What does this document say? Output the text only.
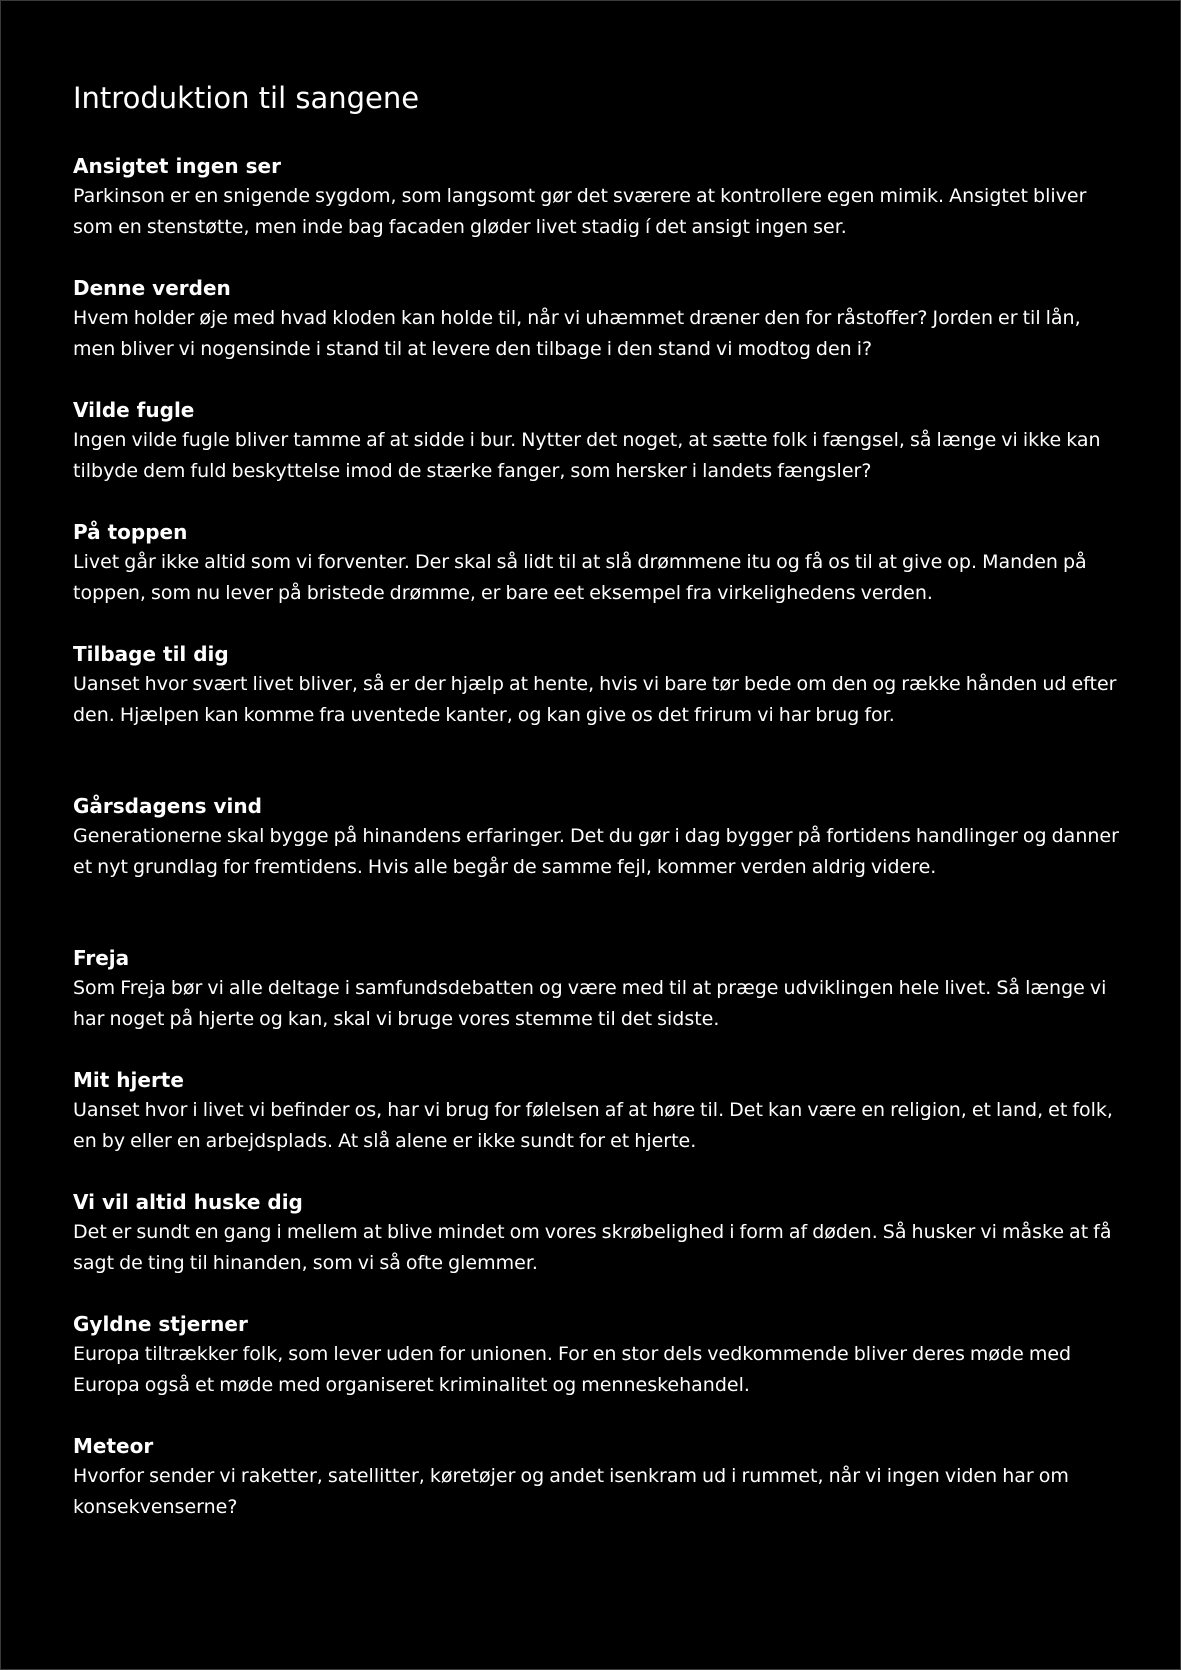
Introduktion til sangene
Ansigtet ingen ser
Parkinson er en snigende sygdom, som langsomt gør det sværere at kontrollere egen mimik. Ansigtet bliver som en stenstøtte, men inde bag facaden gløder livet stadig í det ansigt ingen ser.
Denne verden
Hvem holder øje med hvad kloden kan holde til, når vi uhæmmet dræner den for råstoffer? Jorden er til lån, men bliver vi nogensinde i stand til at levere den tilbage i den stand vi modtog den i?
Vilde fugle
Ingen vilde fugle bliver tamme af at sidde i bur. Nytter det noget, at sætte folk i fængsel, så længe vi ikke kan tilbyde dem fuld beskyttelse imod de stærke fanger, som hersker i landets fængsler?
På toppen
Livet går ikke altid som vi forventer. Der skal så lidt til at slå drømmene itu og få os til at give op. Manden på toppen, som nu lever på bristede drømme, er bare eet eksempel fra virkelighedens verden.
Tilbage til dig
Uanset hvor svært livet bliver, så er der hjælp at hente, hvis vi bare tør bede om den og række hånden ud efter den. Hjælpen kan komme fra uventede kanter, og kan give os det frirum vi har brug for.
Gårsdagens vind
Generationerne skal bygge på hinandens erfaringer. Det du gør i dag bygger på fortidens handlinger og danner et nyt grundlag for fremtidens. Hvis alle begår de samme fejl, kommer verden aldrig videre.
Freja
Som Freja bør vi alle deltage i samfundsdebatten og være med til at præge udviklingen hele livet. Så længe vi har noget på hjerte og kan, skal vi bruge vores stemme til det sidste.
Mit hjerte
Uanset hvor i livet vi befinder os, har vi brug for følelsen af at høre til. Det kan være en religion, et land, et folk, en by eller en arbejdsplads. At slå alene er ikke sundt for et hjerte.
Vi vil altid huske dig
Det er sundt en gang i mellem at blive mindet om vores skrøbelighed i form af døden. Så husker vi måske at få sagt de ting til hinanden, som vi så ofte glemmer.
Gyldne stjerner
Europa tiltrækker folk, som lever uden for unionen. For en stor dels vedkommende bliver deres møde med Europa også et møde med organiseret kriminalitet og menneskehandel.
Meteor
Hvorfor sender vi raketter, satellitter, køretøjer og andet isenkram ud i rummet, når vi ingen viden har om konsekvenserne?
